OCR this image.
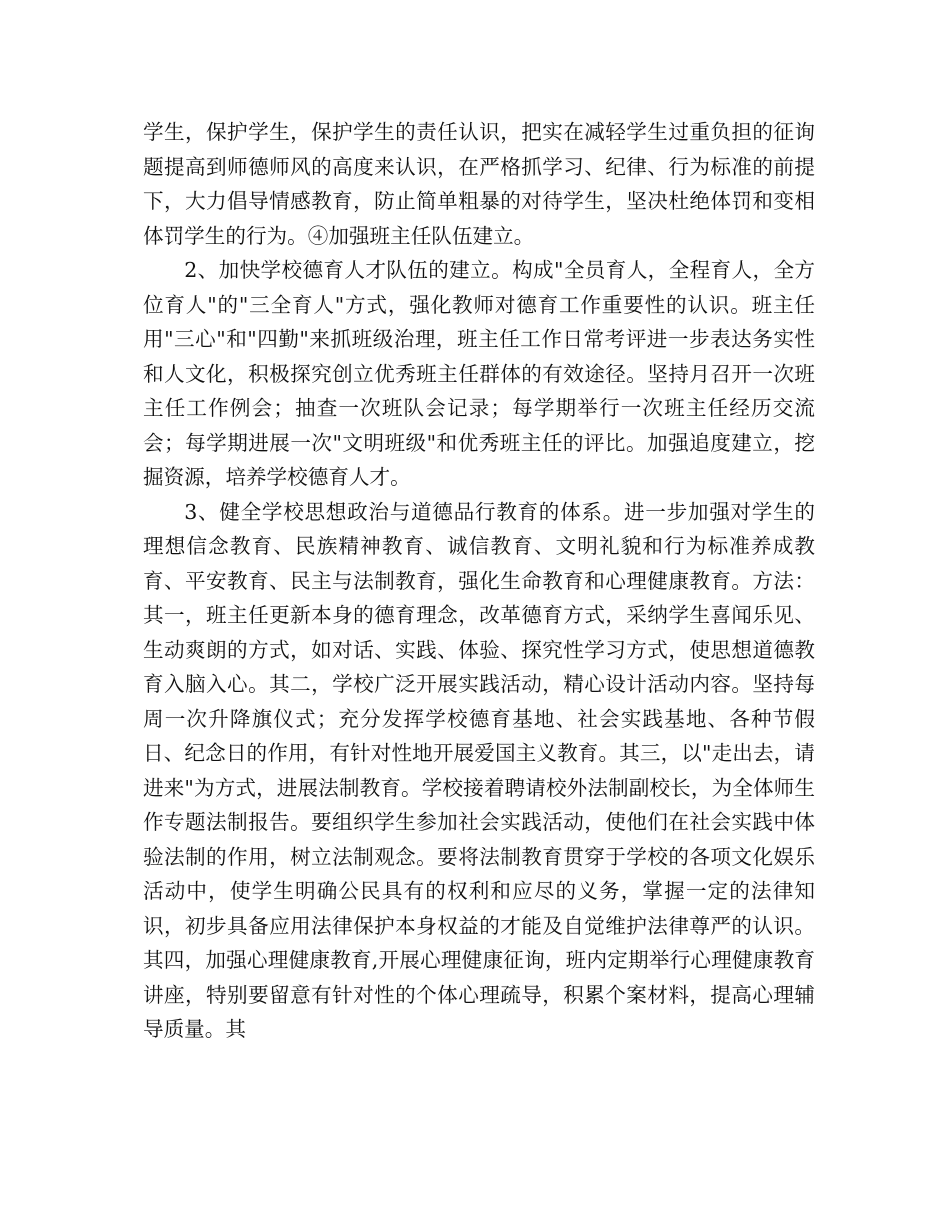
学生，保护学生，保护学生的责任认识，把实在减轻学生过重负担的征询题提高到师德师风的高度来认识，在严格抓学习、纪律、行为标准的前提下，大力倡导情感教育，防止简单粗暴的对待学生，坚决杜绝体罚和变相体罚学生的行为。④加强班主任队伍建立。

2、加快学校德育人才队伍的建立。构成"全员育人，全程育人，全方位育人"的"三全育人"方式，强化教师对德育工作重要性的认识。班主任用"三心"和"四勤"来抓班级治理，班主任工作日常考评进一步表达务实性和人文化，积极探究创立优秀班主任群体的有效途径。坚持月召开一次班主任工作例会；抽查一次班队会记录；每学期举行一次班主任经历交流会；每学期进展一次"文明班级"和优秀班主任的评比。加强追度建立，挖掘资源，培养学校德育人才。

3、健全学校思想政治与道德品行教育的体系。进一步加强对学生的理想信念教育、民族精神教育、诚信教育、文明礼貌和行为标准养成教育、平安教育、民主与法制教育，强化生命教育和心理健康教育。方法：其一，班主任更新本身的德育理念，改革德育方式，采纳学生喜闻乐见、生动爽朗的方式，如对话、实践、体验、探究性学习方式，使思想道德教育入脑入心。其二，学校广泛开展实践活动，精心设计活动内容。坚持每周一次升降旗仪式；充分发挥学校德育基地、社会实践基地、各种节假日、纪念日的作用，有针对性地开展爱国主义教育。其三，以"走出去，请进来"为方式，进展法制教育。学校接着聘请校外法制副校长，为全体师生作专题法制报告。要组织学生参加社会实践活动，使他们在社会实践中体验法制的作用，树立法制观念。要将法制教育贯穿于学校的各项文化娱乐活动中，使学生明确公民具有的权利和应尽的义务，掌握一定的法律知识，初步具备应用法律保护本身权益的才能及自觉维护法律尊严的认识。其四，加强心理健康教育,开展心理健康征询，班内定期举行心理健康教育讲座，特别要留意有针对性的个体心理疏导，积累个案材料，提高心理辅导质量。其
